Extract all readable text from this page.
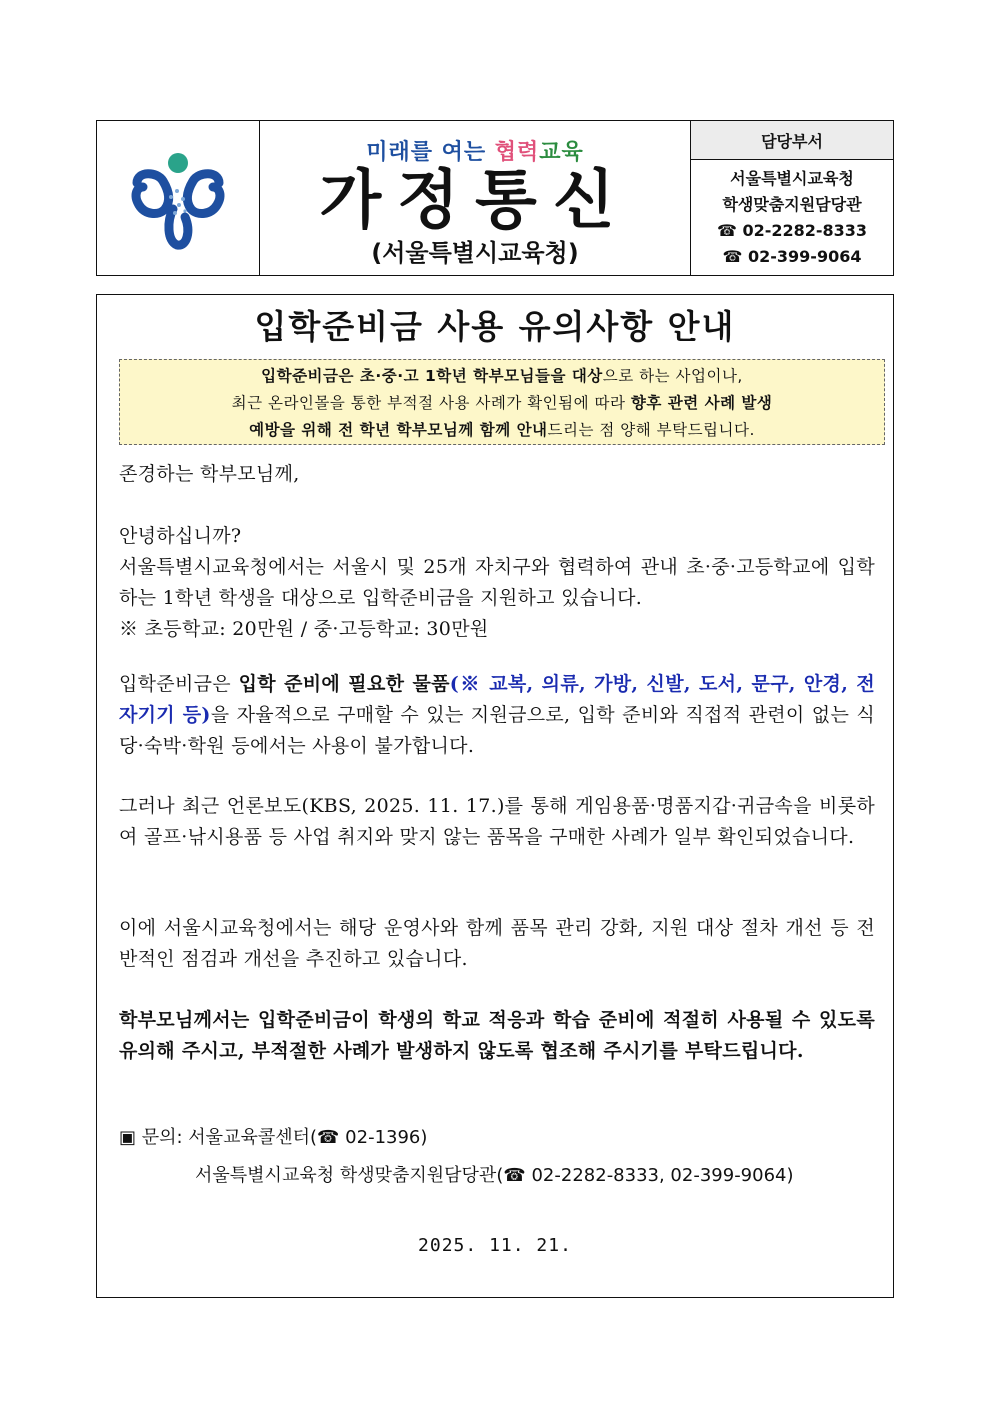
미래를 여는 협력교육
가정통신
(서울특별시교육청)
담당부서
서울특별시교육청
학생맞춤지원담당관
☎ 02-2282-8333
☎ 02-399-9064
입학준비금 사용 유의사항 안내
입학준비금은 초·중·고 1학년 학부모님들을 대상으로 하는 사업이나,
최근 온라인몰을 통한 부적절 사용 사례가 확인됨에 따라 향후 관련 사례 발생
예방을 위해 전 학년 학부모님께 함께 안내드리는 점 양해 부탁드립니다.
존경하는 학부모님께,
안녕하십니까?
서울특별시교육청에서는 서울시 및 25개 자치구와 협력하여 관내 초·중·고등학교에 입학하는 1학년 학생을 대상으로 입학준비금을 지원하고 있습니다.
※ 초등학교: 20만원 / 중·고등학교: 30만원
입학준비금은 입학 준비에 필요한 물품(※ 교복, 의류, 가방, 신발, 도서, 문구, 안경, 전자기기 등)을 자율적으로 구매할 수 있는 지원금으로, 입학 준비와 직접적 관련이 없는 식당·숙박·학원 등에서는 사용이 불가합니다.
그러나 최근 언론보도(KBS, 2025. 11. 17.)를 통해 게임용품·명품지갑·귀금속을 비롯하여 골프·낚시용품 등 사업 취지와 맞지 않는 품목을 구매한 사례가 일부 확인되었습니다.
이에 서울시교육청에서는 해당 운영사와 함께 품목 관리 강화, 지원 대상 절차 개선 등 전반적인 점검과 개선을 추진하고 있습니다.
학부모님께서는 입학준비금이 학생의 학교 적응과 학습 준비에 적절히 사용될 수 있도록 유의해 주시고, 부적절한 사례가 발생하지 않도록 협조해 주시기를 부탁드립니다.
▣ 문의: 서울교육콜센터(☎ 02-1396)
서울특별시교육청 학생맞춤지원담당관(☎ 02-2282-8333, 02-399-9064)
2025. 11. 21.
